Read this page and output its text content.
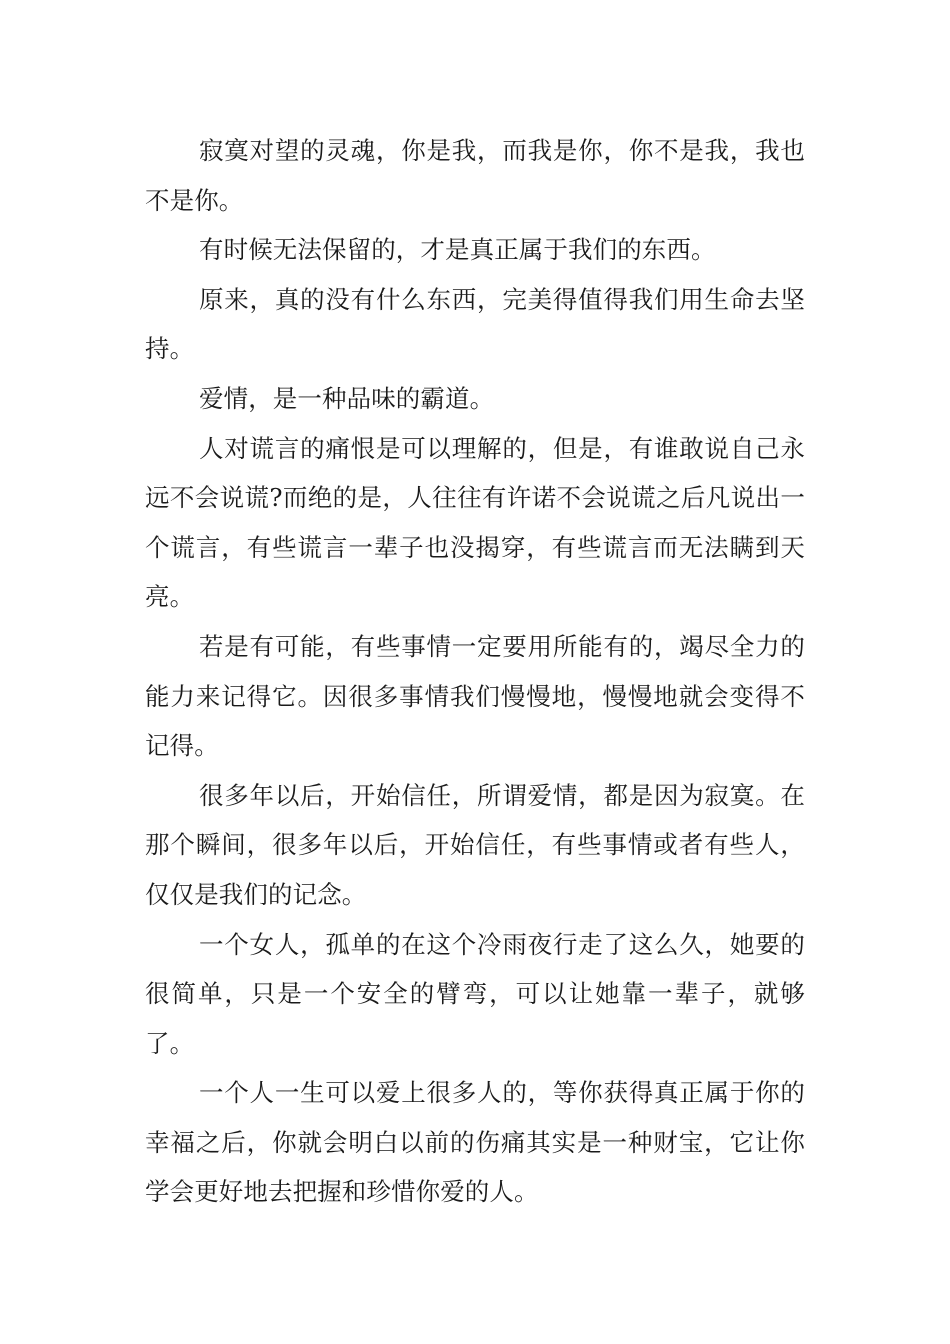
寂寞对望的灵魂，你是我，而我是你，你不是我，我也不是你。

有时候无法保留的，才是真正属于我们的东西。

原来，真的没有什么东西，完美得值得我们用生命去坚持。

爱情，是一种品味的霸道。

人对谎言的痛恨是可以理解的，但是，有谁敢说自己永远不会说谎?而绝的是，人往往有许诺不会说谎之后凡说出一个谎言，有些谎言一辈子也没揭穿，有些谎言而无法瞒到天亮。

若是有可能，有些事情一定要用所能有的，竭尽全力的能力来记得它。因很多事情我们慢慢地，慢慢地就会变得不记得。

很多年以后，开始信任，所谓爱情，都是因为寂寞。在那个瞬间，很多年以后，开始信任，有些事情或者有些人，仅仅是我们的记念。

一个女人，孤单的在这个冷雨夜行走了这么久，她要的很简单，只是一个安全的臂弯，可以让她靠一辈子，就够了。

一个人一生可以爱上很多人的，等你获得真正属于你的幸福之后，你就会明白以前的伤痛其实是一种财宝，它让你学会更好地去把握和珍惜你爱的人。
